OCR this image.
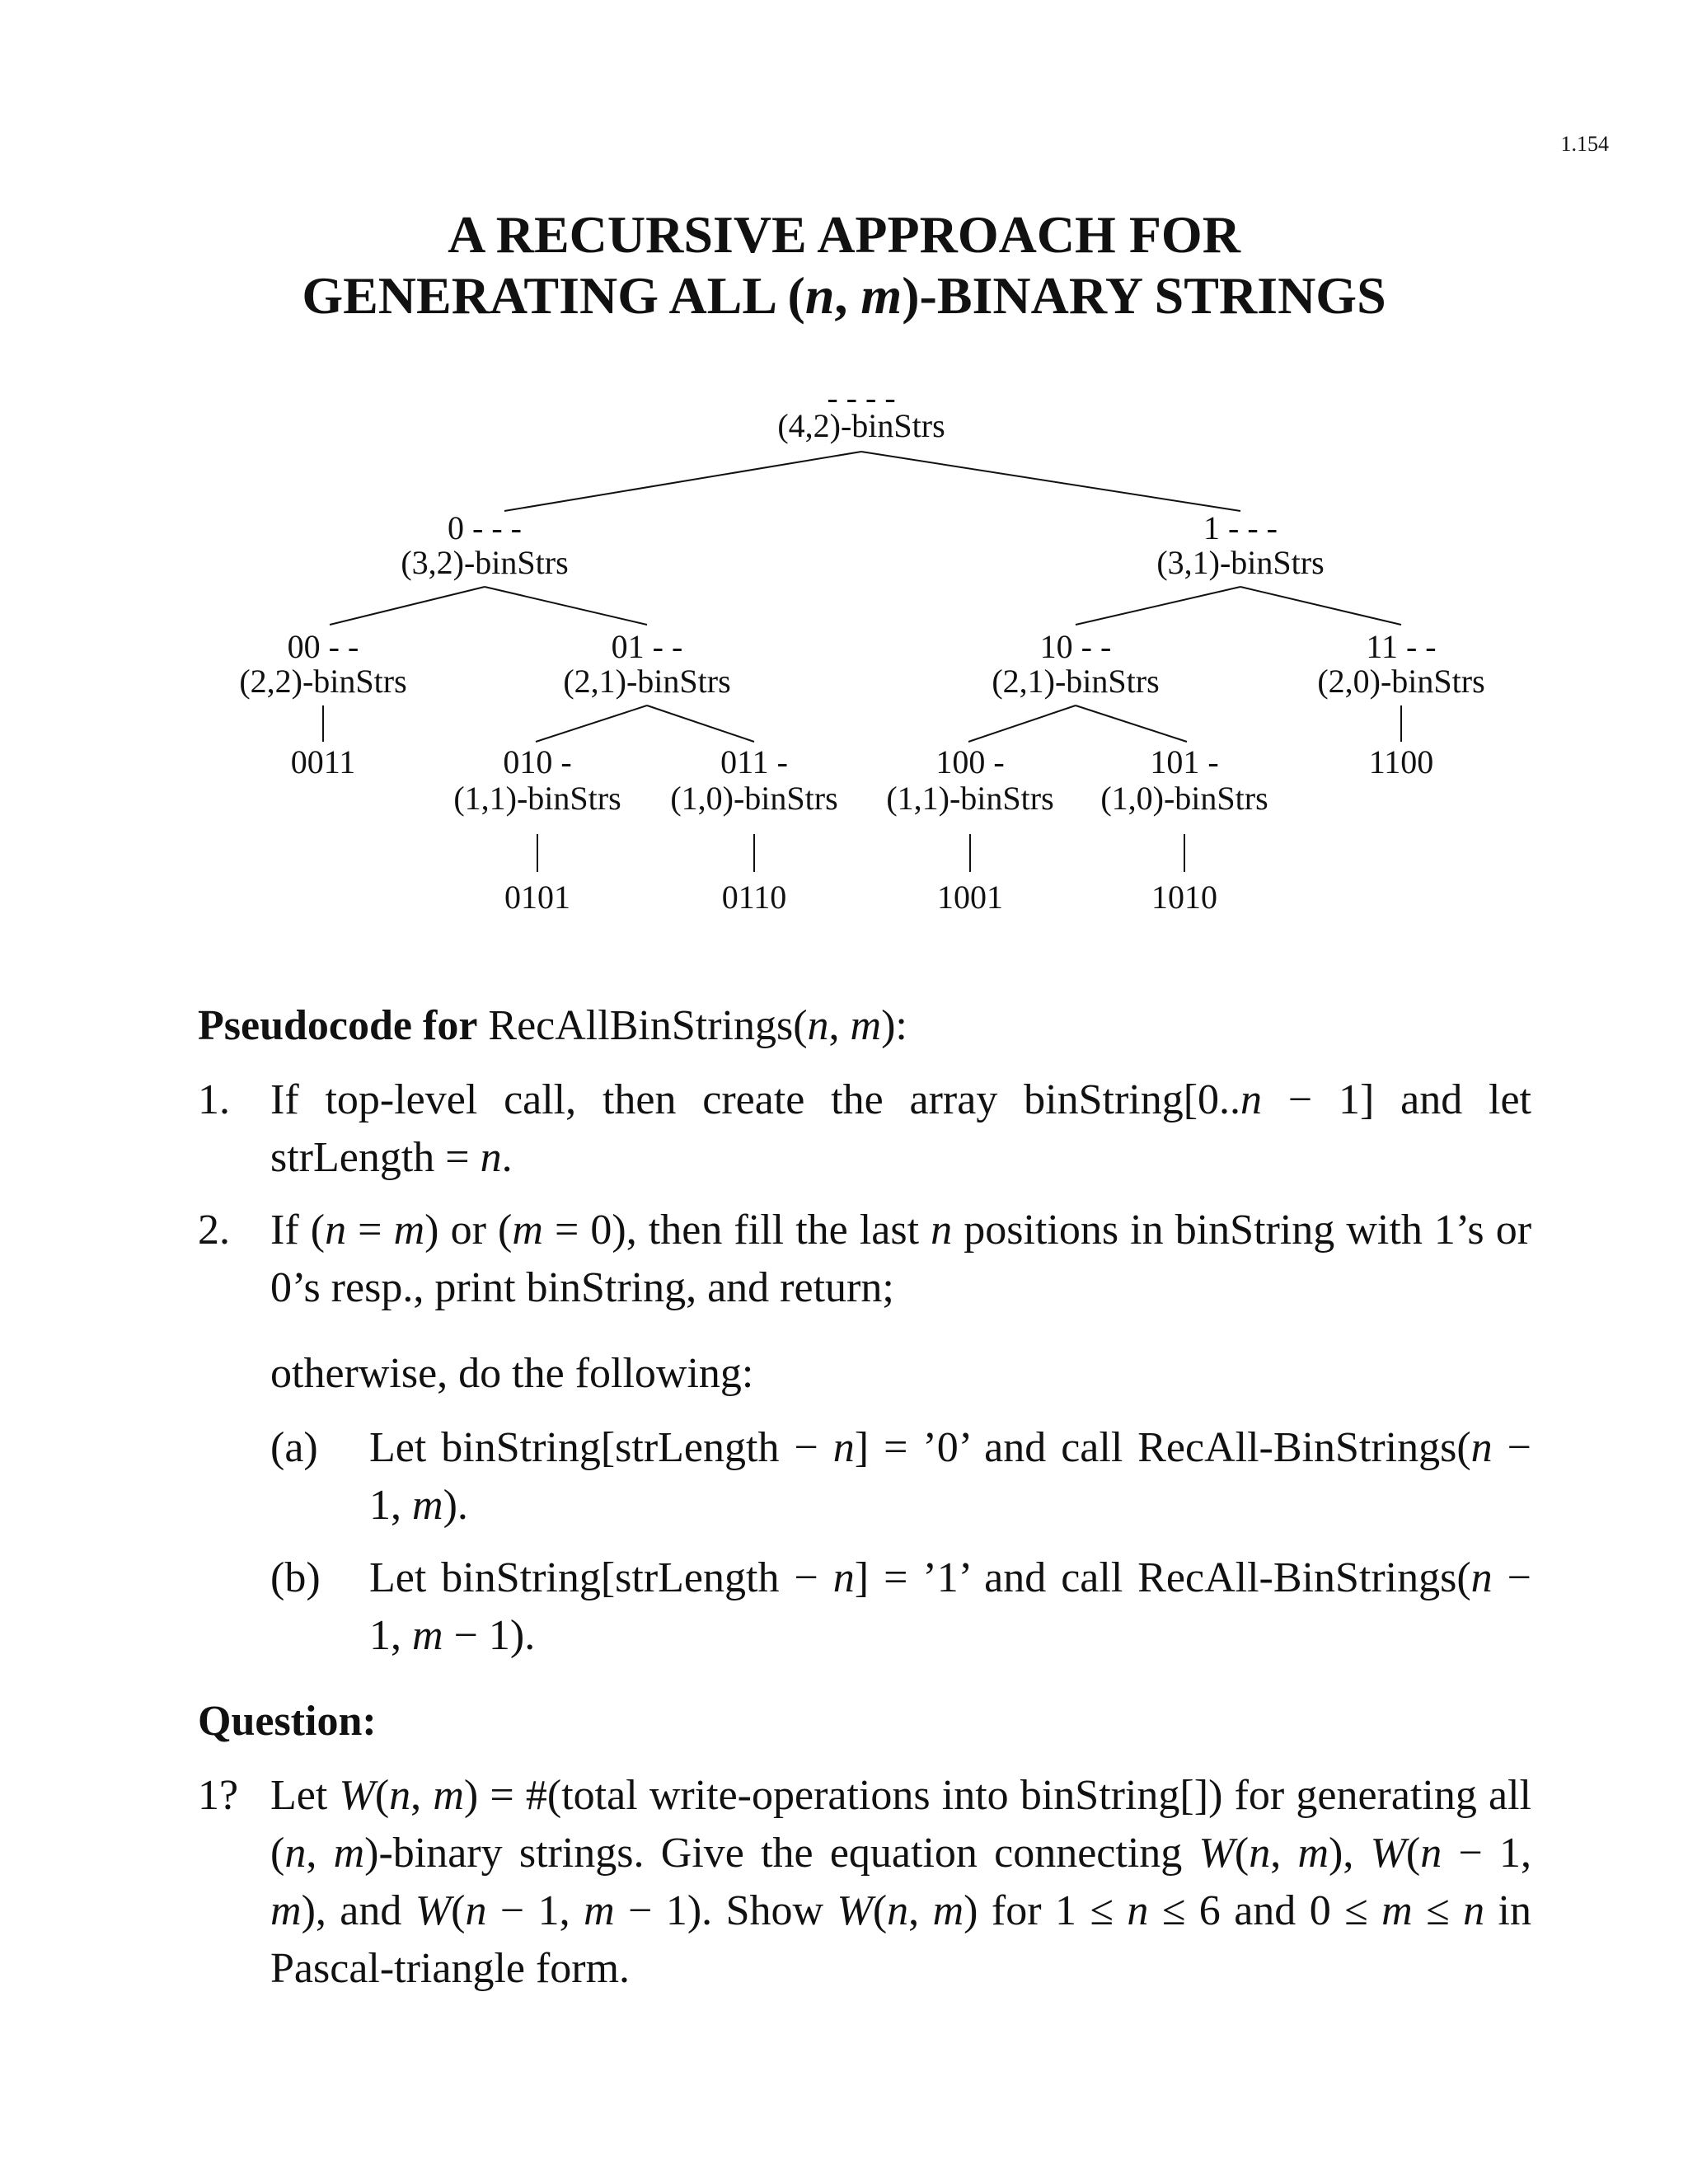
1.154
A RECURSIVE APPROACH FOR
GENERATING ALL (n, m)-BINARY STRINGS
- - - -
(4,2)-binStrs
0 - - -
(3,2)-binStrs
1 - - -
(3,1)-binStrs
00 - -
(2,2)-binStrs
01 - -
(2,1)-binStrs
10 - -
(2,1)-binStrs
11 - -
(2,0)-binStrs
0011	1100
010 -
(1,1)-binStrs
011 -
(1,0)-binStrs
100 -
(1,1)-binStrs
101 -
(1,0)-binStrs
0101	0110	1001	1010
Pseudocode for RecAllBinStrings(n, m):
1. If top-level call, then create the array binString[0..n − 1] and let strLength = n.
2. If (n = m) or (m = 0), then fill the last n positions in binString with 1’s or 0’s resp., print binString, and return;
otherwise, do the following:
(a) Let binString[strLength − n] = ’0’ and call RecAll-BinStrings(n − 1, m).
(b) Let binString[strLength − n] = ’1’ and call RecAll-BinStrings(n − 1, m − 1).
Question:
1? Let W(n, m) = #(total write-operations into binString[]) for generating all (n, m)-binary strings. Give the equation connecting W(n, m), W(n − 1, m), and W(n − 1, m − 1). Show W(n, m) for 1 ≤ n ≤ 6 and 0 ≤ m ≤ n in Pascal-triangle form.
